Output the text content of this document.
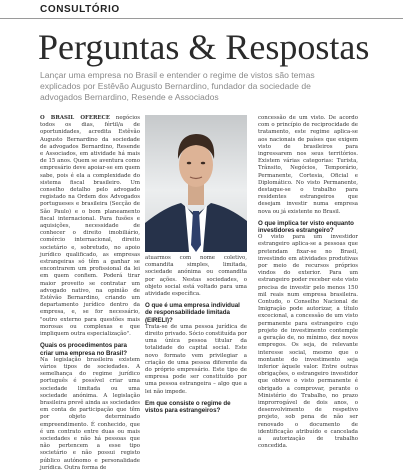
CONSULTÓRIO
Perguntas & Respostas

Lançar uma empresa no Brasil e entender o regime de vistos são temas explicados por Estêvão Augusto Bernardino, fundador da sociedade de advogados Bernardino, Resende e Associados

O BRASIL OFERECE negócios todos os dias, fértil/a de oportunidades, acredita Estêvão Augusto Bernardino da sociedade de advogados Bernardino, Resende e Associados, em atividade há mais de 15 anos. Quem se aventura como empresário deve apoiar-se em quem sabe, pois é ela a complexidade do sistema fiscal brasileiro. Um conselho detalho pelo advogado registado na Ordem dos Advogados portugueses e brasileira (Secção de São Paulo) e o bom planeamento fiscal internacional. Para fusões e aquisições, necessidade de conhecer o direito imobiliário, comércio internacional, direito societário e, sobretudo, no apoio jurídico qualificado, as empresas estrangeiras só têm a ganhar se encontrarem um profissional da lei em quem confiem. Poderá tirar maior proveito se contratar um advogado nativo, na opinião de Estêvão Bernardino, criando um departamento jurídico dentro da empresa, e, se for necessário, "outro externo para questões mais morosas ou complexas e que impliquem outra especialização".

Quais os procedimentos para criar uma empresa no Brasil?

Na legislação brasileira existem vários tipos de sociedades. A semelhança do regime jurídico português é possível criar uma sociedade limitada ou uma sociedade anónima. A legislação brasileira prevê ainda as sociedades em conta de participação que têm por objeto determinado empreendimento. É conhecido, que é um contrato entre duas ou mais sociedades e não há pessoas que não pertencem a esse tipo societário e não possui registo público autónomo e personalidade jurídica. Outra forma de

atuarmos com nome coletivo, comandita simples, limitada, sociedade anónima ou comandita por ações. Nestas sociedades, o objeto social está voltado para uma atividade específica.

O que é uma empresa individual de responsabilidade limitada (EIRELI)?

Trata-se de uma pessoa jurídica de direito privado. Sócio constituída por uma única pessoa titular da totalidade do capital social. Este novo formato vem privilegiar a criação de uma pessoa diferente da do próprio empresário. Este tipo de empresa pode ser constituído por uma pessoa estrangeira – algo que a lei não impede.

Em que consiste o regime de vistos para estrangeiros?

concessão de um visto. De acordo com o princípio de reciprocidade de tratamento, este regime aplica-se aos nacionais de países que exigem visto de brasileiros para ingressarem nos seus territórios. Existem várias categorias: Turista, Trânsito, Negócios, Temporário, Permanente, Cortesia, Oficial e Diplomático. No visto Permanente, destaque-se o trabalho para residentes estrangeiros que desejam investir numa empresa nova ou já existente no Brasil.

O que implica ter visto enquanto investidores estrangeiro?

O visto para um investidor estrangeiro aplica-se a pessoas que pretendam fixar-se no Brasil, investindo em atividades produtivas por meio de recursos próprios vindos do exterior. Para um estrangeiro poder receber este visto precisa de investir pelo menos 150 mil reais num empresa brasileira. Contudo, o Conselho Nacional de Imigração pode autorizar, a título excecional, a concessão de um visto permanente para estrangeiro cujo projeto de investimento contemple a geração de, no mínimo, dez novos empregos. Os seja, de relevante interesse social, mesmo que o montante do investimento seja inferior àquele valor. Entre outras obrigações, o estrangeiro investidor que obteve o visto permanente é obrigado a comprovar, perante o Ministério do Trabalho, no prazo improrrogável de dois anos, o desenvolvimento de respetivo projeto, sob pena de não ser renovado o documento de identificação atribuído e cancelada a autorização de trabalho concedida.
